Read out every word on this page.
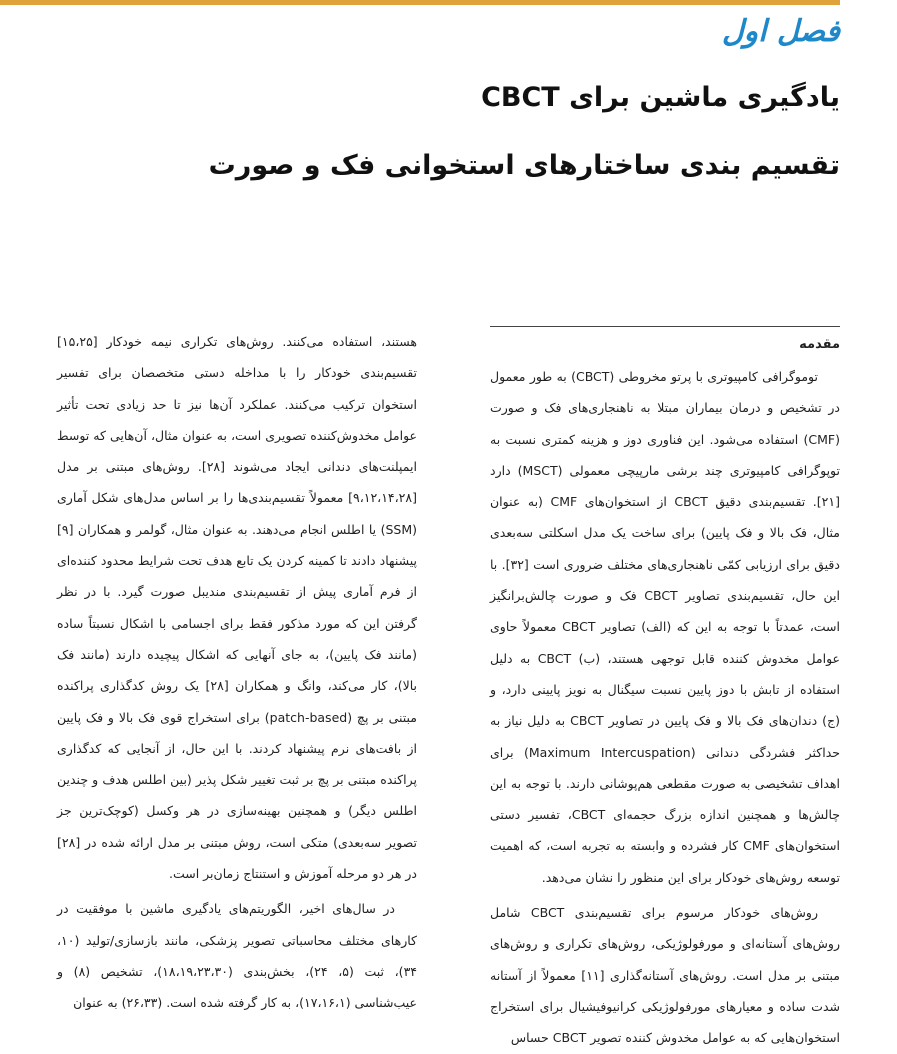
فصل اول
یادگیری ماشین برای CBCT
تقسیم بندی ساختارهای استخوانی فک و صورت
مقدمه

توموگرافی کامپیوتری با پرتو مخروطی (CBCT) به طور معمول در تشخیص و درمان بیماران مبتلا به ناهنجاری‌های فک و صورت (CMF) استفاده می‌شود. این فناوری دوز و هزینه کمتری نسبت به توپوگرافی کامپیوتری چند برشی مارپیچی معمولی (MSCT) دارد [۲۱]. تقسیم‌بندی دقیق CBCT از استخوان‌های CMF (به عنوان مثال، فک بالا و فک پایین) برای ساخت یک مدل اسکلتی سه‌بعدی دقیق برای ارزیابی کمّی ناهنجاری‌های مختلف ضروری است [۳۲]. با این حال، تقسیم‌بندی تصاویر CBCT فک و صورت چالش‌برانگیز است، عمدتاً با توجه به این که (الف) تصاویر CBCT معمولاً حاوی عوامل مخدوش کننده قابل توجهی هستند، (ب) CBCT به دلیل استفاده از تابش با دوز پایین نسبت سیگنال به نویز پایینی دارد، و (ج) دندان‌های فک بالا و فک پایین در تصاویر CBCT به دلیل نیاز به حداکثر فشردگی دندانی (Maximum Intercuspation) برای اهداف تشخیصی به صورت مقطعی هم‌پوشانی دارند. با توجه به این چالش‌ها و همچنین اندازه بزرگ حجمه‌ای CBCT، تفسیر دستی استخوان‌های CMF کار فشرده و وابسته به تجربه است، که اهمیت توسعه روش‌های خودکار برای این منظور را نشان می‌دهد.

روش‌های خودکار مرسوم برای تقسیم‌بندی CBCT شامل روش‌های آستانه‌ای و مورفولوژیکی، روش‌های تکراری و روش‌های مبتنی بر مدل است. روش‌های آستانه‌گذاری [۱۱] معمولاً از آستانه شدت ساده و معیارهای مورفولوژیکی کرانیوفیشیال برای استخراج استخوان‌هایی که به عوامل مخدوش کننده تصویر CBCT حساس

هستند، استفاده می‌کنند. روش‌های تکراری نیمه خودکار [۱۵،۲۵] تقسیم‌بندی خودکار را با مداخله دستی متخصصان برای تفسیر استخوان ترکیب می‌کنند. عملکرد آن‌ها نیز تا حد زیادی تحت تأثیر عوامل مخدوش‌کننده تصویری است، به عنوان مثال، آن‌هایی که توسط ایمپلنت‌های دندانی ایجاد می‌شوند [۲۸]. روش‌های مبتنی بر مدل [۹،۱۲،۱۴،۲۸] معمولاً تقسیم‌بندی‌ها را بر اساس مدل‌های شکل آماری (SSM) یا اطلس انجام می‌دهند. به عنوان مثال، گولمر و همکاران [۹] پیشنهاد دادند تا کمینه کردن یک تابع هدف تحت شرایط محدود کننده‌ای از فرم آماری پیش از تقسیم‌بندی مندیبل صورت گیرد. با در نظر گرفتن این که مورد مذکور فقط برای اجسامی با اشکال نسبتاً ساده (مانند فک پایین)، به جای آنهایی که اشکال پیچیده دارند (مانند فک بالا)، کار می‌کند، وانگ و همکاران [۲۸] یک روش کدگذاری پراکنده مبتنی بر پچ (patch-based) برای استخراج قوی فک بالا و فک پایین از بافت‌های نرم پیشنهاد کردند. با این حال، از آنجایی که کدگذاری پراکنده مبتنی بر پچ بر ثبت تغییر شکل پذیر (بین اطلس هدف و چندین اطلس دیگر) و همچنین بهینه‌سازی در هر وکسل (کوچک‌ترین جز تصویر سه‌بعدی) متکی است، روش مبتنی بر مدل ارائه شده در [۲۸] در هر دو مرحله آموزش و استنتاج زمان‌بر است.

در سال‌های اخیر، الگوریتم‌های یادگیری ماشین با موفقیت در کارهای مختلف محاسباتی تصویر پزشکی، مانند بازسازی/تولید (۱۰، ۳۴)، ثبت (۵، ۲۴)، بخش‌بندی (۱۸،۱۹،۲۳،۳۰)، تشخیص (۸) و عیب‌شناسی (۱۷،۱۶،۱)، به کار گرفته شده است. (۲۶،۳۳) به عنوان
